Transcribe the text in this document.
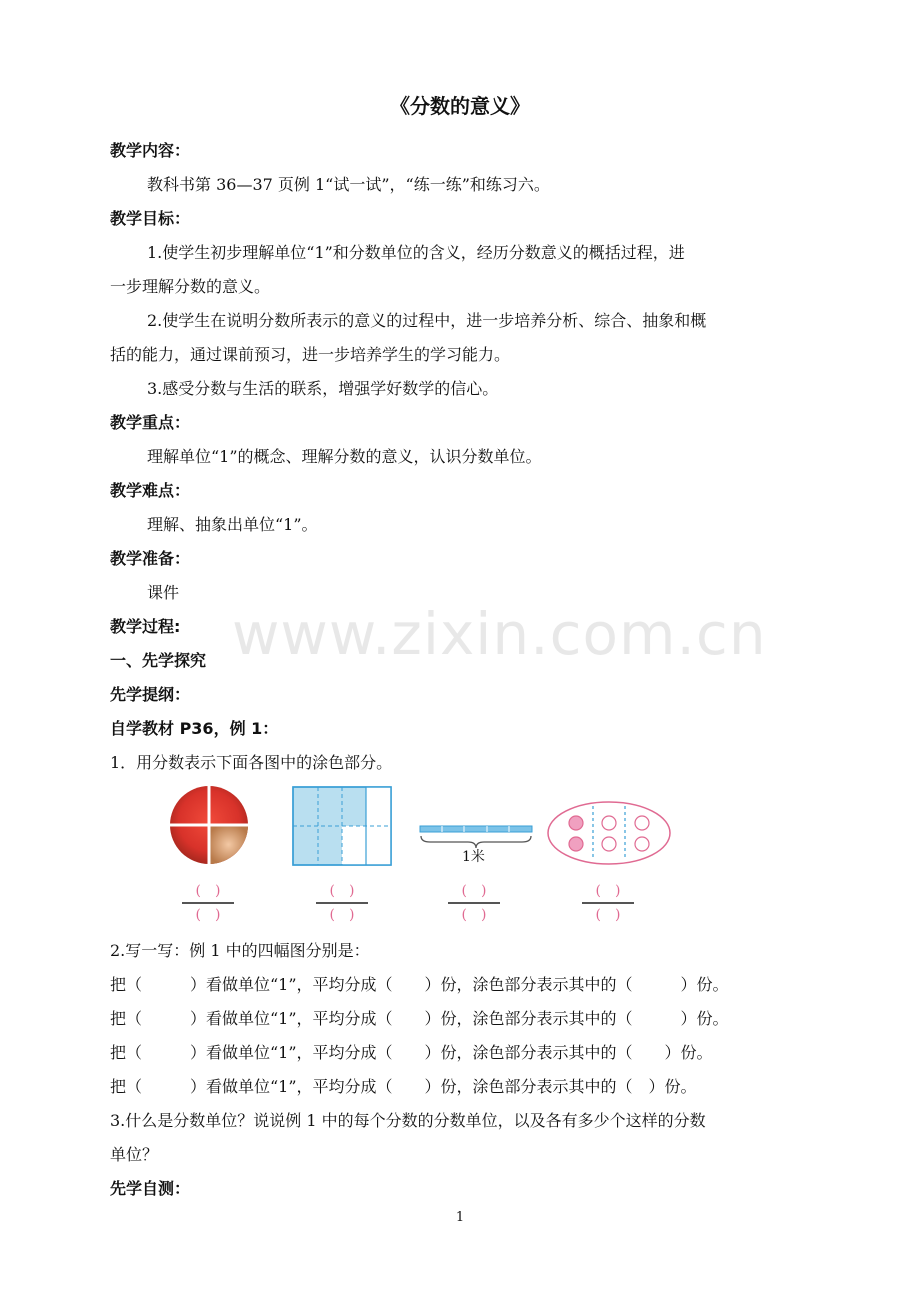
《分数的意义》
教学内容：
教科书第 36—37 页例 1“试一试”，“练一练”和练习六。
教学目标：
1.使学生初步理解单位“1”和分数单位的含义，经历分数意义的概括过程，进
一步理解分数的意义。
2.使学生在说明分数所表示的意义的过程中，进一步培养分析、综合、抽象和概
括的能力，通过课前预习，进一步培养学生的学习能力。
3.感受分数与生活的联系，增强学好数学的信心。
教学重点：
理解单位“1”的概念、理解分数的意义，认识分数单位。
教学难点：
理解、抽象出单位“1”。
教学准备：
课件
教学过程:
一、先学探究
先学提纲：
自学教材 P36，例 1：
1．用分数表示下面各图中的涂色部分。
www.zixin.com.cn
1米
(　)
(　)
(　)
(　)
(　)
(　)
(　)
(　)
2.写一写：例 1 中的四幅图分别是：
把（　　　）看做单位“1”，平均分成（　　）份，涂色部分表示其中的（　　　）份。
把（　　　）看做单位“1”，平均分成（　　）份，涂色部分表示其中的（　　　）份。
把（　　　）看做单位“1”，平均分成（　　）份，涂色部分表示其中的（　　）份。
把（　　　）看做单位“1”，平均分成（　　）份，涂色部分表示其中的（　）份。
3.什么是分数单位？说说例 1 中的每个分数的分数单位，以及各有多少个这样的分数
单位？
先学自测：
1
